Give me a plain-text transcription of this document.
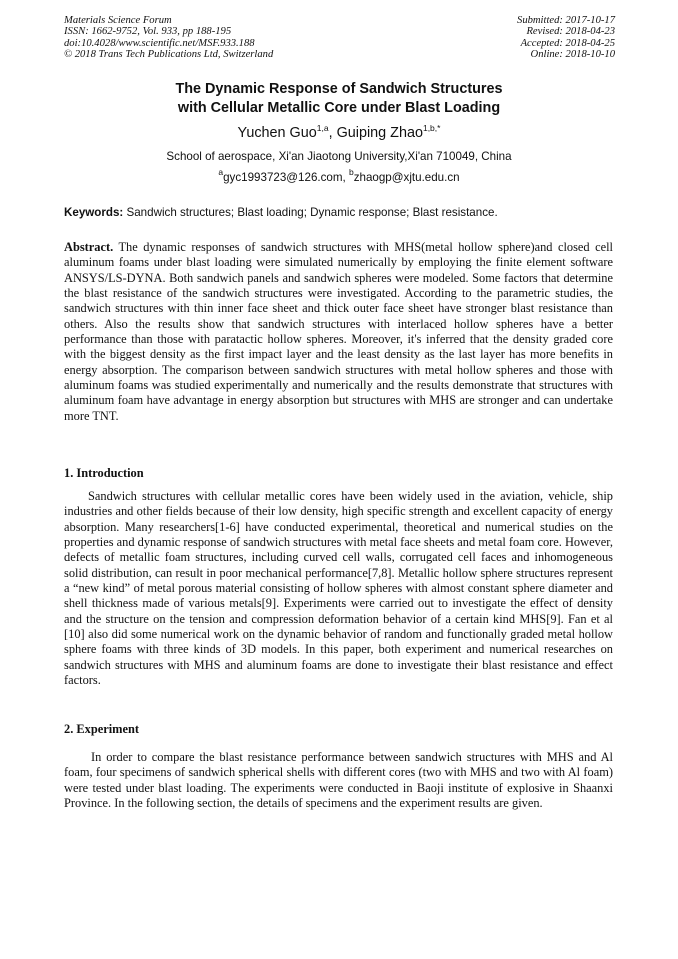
Materials Science Forum
ISSN: 1662-9752, Vol. 933, pp 188-195
doi:10.4028/www.scientific.net/MSF.933.188
© 2018 Trans Tech Publications Ltd, Switzerland
Submitted: 2017-10-17
Revised: 2018-04-23
Accepted: 2018-04-25
Online: 2018-10-10
The Dynamic Response of Sandwich Structures
with Cellular Metallic Core under Blast Loading
Yuchen Guo$^{1,a}$, Guiping Zhao$^{1,b,*}$
School of aerospace, Xi'an Jiaotong University,Xi'an 710049, China
$^a$gyc1993723@126.com, $^b$zhaogp@xjtu.edu.cn
Keywords: Sandwich structures; Blast loading; Dynamic response; Blast resistance.
Abstract. The dynamic responses of sandwich structures with MHS(metal hollow sphere)and closed cell aluminum foams under blast loading were simulated numerically by employing the finite element software ANSYS/LS-DYNA. Both sandwich panels and sandwich spheres were modeled. Some factors that determine the blast resistance of the sandwich structures were investigated. According to the parametric studies, the sandwich structures with thin inner face sheet and thick outer face sheet have stronger blast resistance than others. Also the results show that sandwich structures with interlaced hollow spheres have a better performance than those with paratactic hollow spheres. Moreover, it's inferred that the density graded core with the biggest density as the first impact layer and the least density as the last layer has more benefits in energy absorption. The comparison between sandwich structures with metal hollow spheres and those with aluminum foams was studied experimentally and numerically and the results demonstrate that structures with aluminum foam have advantage in energy absorption but structures with MHS are stronger and can undertake more TNT.
1. Introduction
Sandwich structures with cellular metallic cores have been widely used in the aviation, vehicle, ship industries and other fields because of their low density, high specific strength and excellent capacity of energy absorption. Many researchers[1-6] have conducted experimental, theoretical and numerical studies on the properties and dynamic response of sandwich structures with metal face sheets and metal foam core. However, defects of metallic foam structures, including curved cell walls, corrugated cell faces and inhomogeneous solid distribution, can result in poor mechanical performance[7,8]. Metallic hollow sphere structures represent a “new kind” of metal porous material consisting of hollow spheres with almost constant sphere diameter and shell thickness made of various metals[9]. Experiments were carried out to investigate the effect of density and the structure on the tension and compression deformation behavior of a certain kind MHS[9]. Fan et al [10] also did some numerical work on the dynamic behavior of random and functionally graded metal hollow sphere foams with three kinds of 3D models. In this paper, both experiment and numerical researches on sandwich structures with MHS and aluminum foams are done to investigate their blast resistance and effect factors.
2. Experiment
In order to compare the blast resistance performance between sandwich structures with MHS and Al foam, four specimens of sandwich spherical shells with different cores (two with MHS and two with Al foam) were tested under blast loading. The experiments were conducted in Baoji institute of explosive in Shaanxi Province. In the following section, the details of specimens and the experiment results are given.
